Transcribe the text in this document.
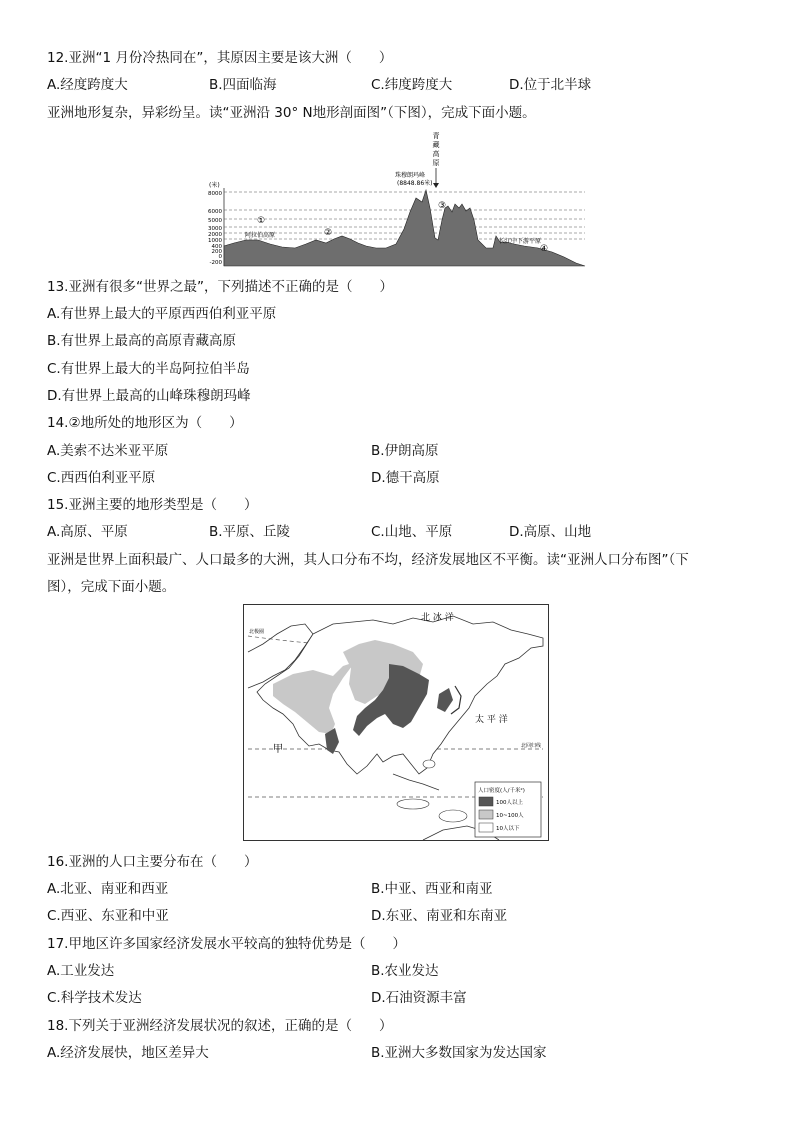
12.亚洲“1 月份冷热同在”，其原因主要是该大洲（　　）
A.经度跨度大	B.四面临海	C.纬度跨度大	D.位于北半球
亚洲地形复杂，异彩纷呈。读“亚洲沿 30° N地形剖面图”（下图），完成下面小题。
(米)
8000
6000
5000
3000
2000
1000
400
200
0
-200
青
藏
高
原
珠穆朗玛峰
(8848.86米)
阿拉伯高原
长江中下游平原
①
②
③
④
13.亚洲有很多“世界之最”，下列描述不正确的是（　　）
A.有世界上最大的平原西西伯利亚平原
B.有世界上最高的高原青藏高原
C.有世界上最大的半岛阿拉伯半岛
D.有世界上最高的山峰珠穆朗玛峰
14.②地所处的地形区为（　　）
A.美索不达米亚平原	B.伊朗高原
C.西西伯利亚平原	D.德干高原
15.亚洲主要的地形类型是（　　）
A.高原、平原	B.平原、丘陵	C.山地、平原	D.高原、山地
亚洲是世界上面积最广、人口最多的大洲，其人口分布不均，经济发展地区不平衡。读“亚洲人口分布图”（下
图），完成下面小题。
北 冰 洋
太 平 洋
北极圈
北回归线
甲
人口密度(人/千米²)
100人以上
10~100人
10人以下
16.亚洲的人口主要分布在（　　）
A.北亚、南亚和西亚	B.中亚、西亚和南亚
C.西亚、东亚和中亚	D.东亚、南亚和东南亚
17.甲地区许多国家经济发展水平较高的独特优势是（　　）
A.工业发达	B.农业发达
C.科学技术发达	D.石油资源丰富
18.下列关于亚洲经济发展状况的叙述，正确的是（　　）
A.经济发展快，地区差异大	B.亚洲大多数国家为发达国家
